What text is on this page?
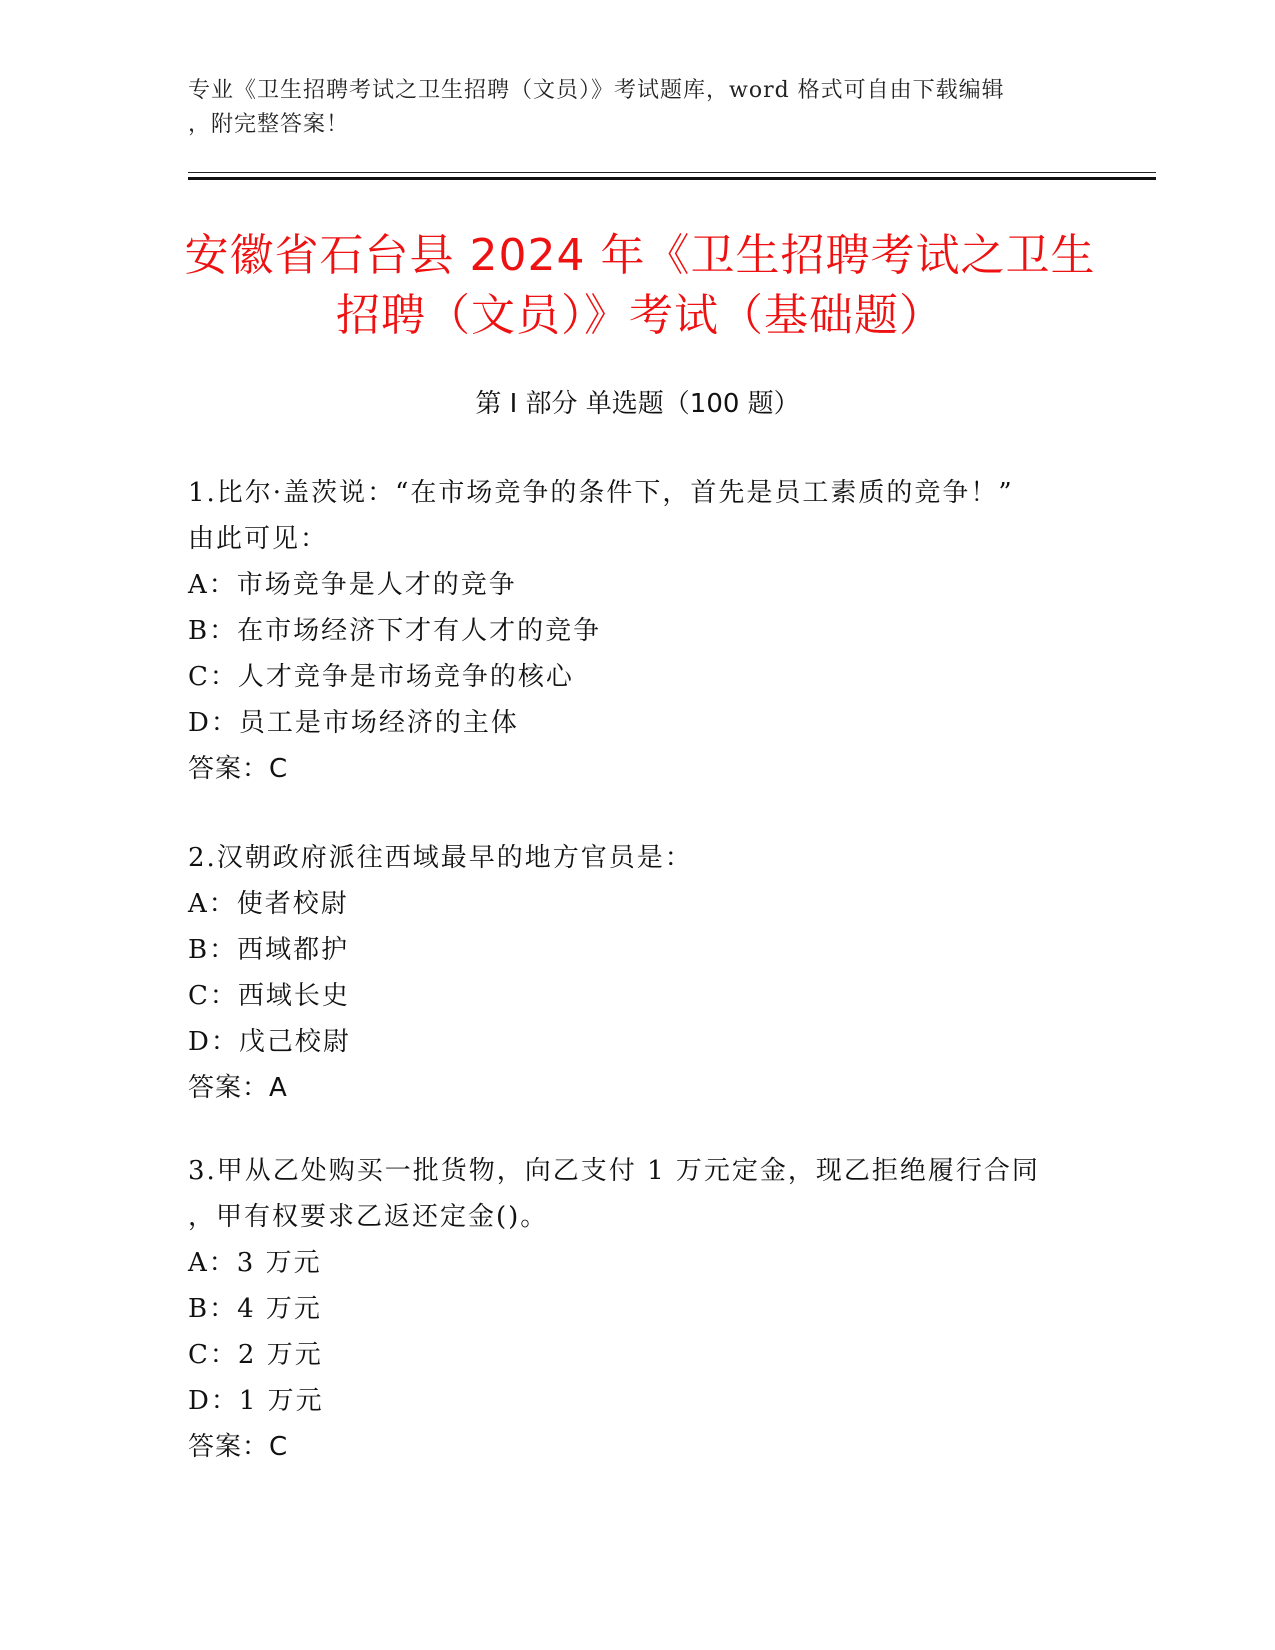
专业《卫生招聘考试之卫生招聘（文员）》考试题库，word 格式可自由下载编辑
，附完整答案！
安徽省石台县 2024 年《卫生招聘考试之卫生
招聘（文员）》考试（基础题）
第 I 部分 单选题（100 题）
1.比尔·盖茨说：“在市场竞争的条件下，首先是员工素质的竞争！”
由此可见：
A：市场竞争是人才的竞争
B：在市场经济下才有人才的竞争
C：人才竞争是市场竞争的核心
D：员工是市场经济的主体
答案：C
2.汉朝政府派往西域最早的地方官员是：
A：使者校尉
B：西域都护
C：西域长史
D：戊己校尉
答案：A
3.甲从乙处购买一批货物，向乙支付 1 万元定金，现乙拒绝履行合同
，甲有权要求乙返还定金()。
A：3 万元
B：4 万元
C：2 万元
D：1 万元
答案：C
